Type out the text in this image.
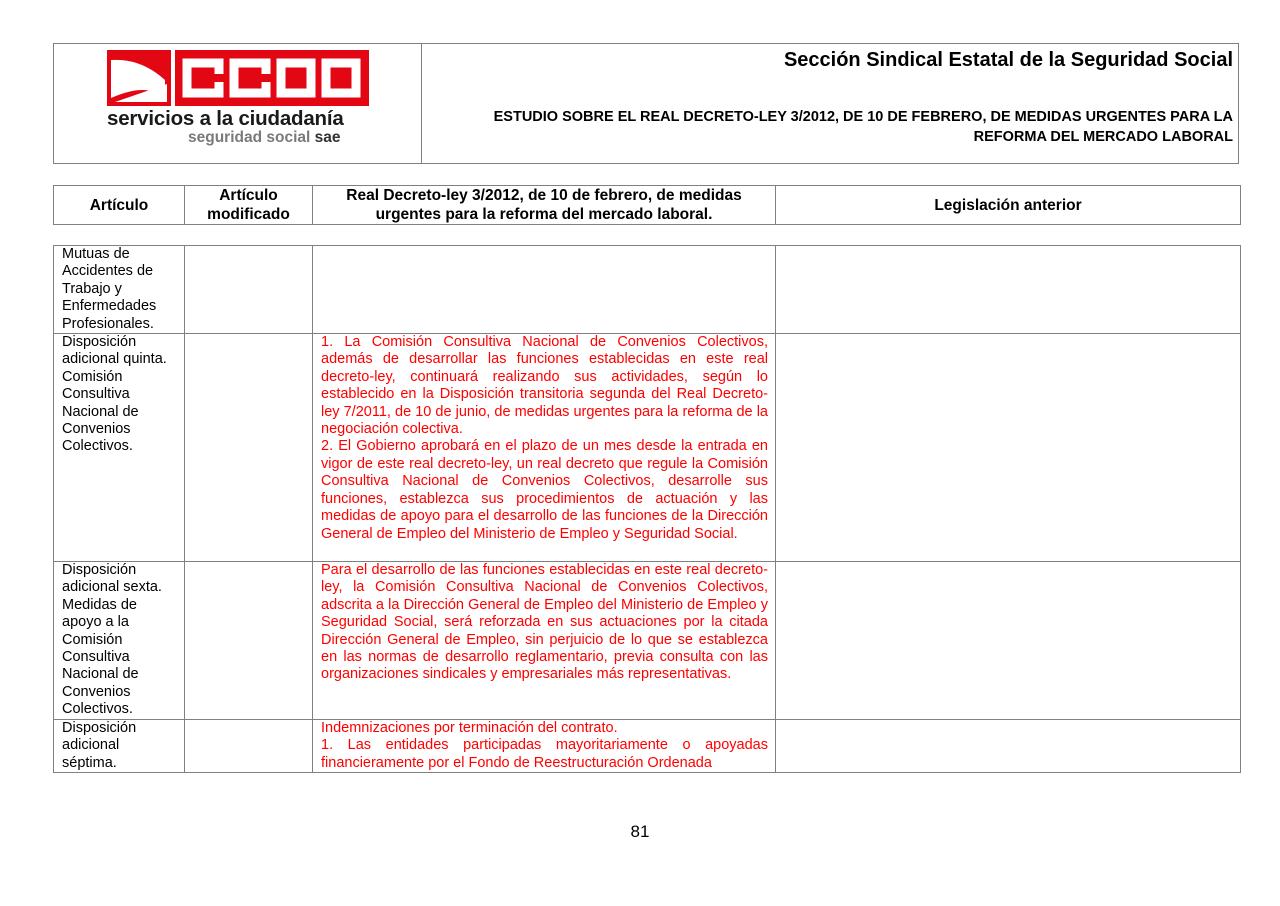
servicios a la ciudadanía
seguridad social sae
Sección Sindical Estatal de la Seguridad Social
ESTUDIO SOBRE EL REAL DECRETO-LEY 3/2012, DE 10 DE FEBRERO, DE MEDIDAS URGENTES PARA LA REFORMA DEL MERCADO LABORAL
Artículo	Artículo modificado	Real Decreto-ley 3/2012, de 10 de febrero, de medidas urgentes para la reforma del mercado laboral.	Legislación anterior
Mutuas de Accidentes de Trabajo y Enfermedades Profesionales.			
Disposición adicional quinta. Comisión Consultiva Nacional de Convenios Colectivos.		1. La Comisión Consultiva Nacional de Convenios Colectivos, además de desarrollar las funciones establecidas en este real decreto-ley, continuará realizando sus actividades, según lo establecido en la Disposición transitoria segunda del Real Decreto-ley 7/2011, de 10 de junio, de medidas urgentes para la reforma de la negociación colectiva.
2. El Gobierno aprobará en el plazo de un mes desde la entrada en vigor de este real decreto-ley, un real decreto que regule la Comisión Consultiva Nacional de Convenios Colectivos, desarrolle sus funciones, establezca sus procedimientos de actuación y las medidas de apoyo para el desarrollo de las funciones de la Dirección General de Empleo del Ministerio de Empleo y Seguridad Social.	

Disposición adicional sexta. Medidas de apoyo a la Comisión Consultiva Nacional de Convenios Colectivos.		Para el desarrollo de las funciones establecidas en este real decreto-ley, la Comisión Consultiva Nacional de Convenios Colectivos, adscrita a la Dirección General de Empleo del Ministerio de Empleo y Seguridad Social, será reforzada en sus actuaciones por la citada Dirección General de Empleo, sin perjuicio de lo que se establezca en las normas de desarrollo reglamentario, previa consulta con las organizaciones sindicales y empresariales más representativas.	

Disposición adicional séptima.		Indemnizaciones por terminación del contrato.
1. Las entidades participadas mayoritariamente o apoyadas financieramente por el Fondo de Reestructuración Ordenada	

81
